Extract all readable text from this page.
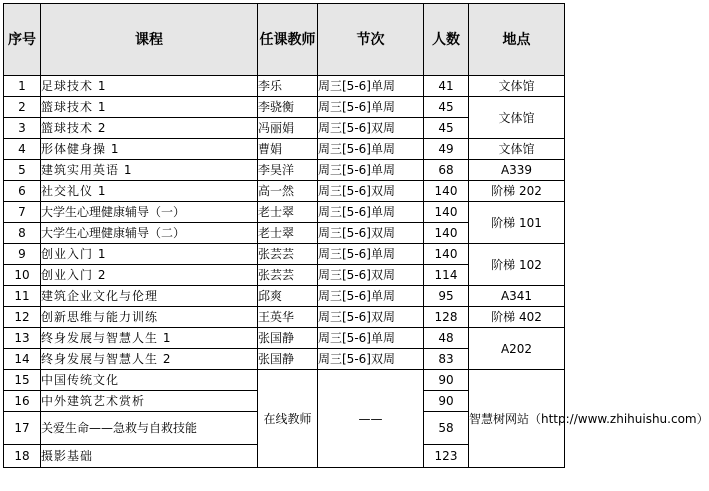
序号	课程	任课教师	节次	人数	地点
1	足球技术 1	李乐	周三[5-6]单周	41	文体馆
2	篮球技术 1	李骁衡	周三[5-6]单周	45	文体馆
3	篮球技术 2	冯丽娟	周三[5-6]双周	45	
4	形体健身操 1	曹娟	周三[5-6]单周	49	文体馆
5	建筑实用英语 1	李昊洋	周三[5-6]单周	68	A339
6	社交礼仪 1	高一然	周三[5-6]双周	140	阶梯 202
7	大学生心理健康辅导（一）	老士翠	周三[5-6]单周	140	阶梯 101
8	大学生心理健康辅导（二）	老士翠	周三[5-6]双周	140	
9	创业入门 1	张芸芸	周三[5-6]单周	140	阶梯 102
10	创业入门 2	张芸芸	周三[5-6]双周	114	
11	建筑企业文化与伦理	邱爽	周三[5-6]单周	95	A341
12	创新思维与能力训练	王英华	周三[5-6]双周	128	阶梯 402
13	终身发展与智慧人生 1	张国静	周三[5-6]单周	48	A202
14	终身发展与智慧人生 2	张国静	周三[5-6]双周	83	
15	中国传统文化	在线教师	——	90	智慧树网站（http://www.zhihuishu.com）
16	中外建筑艺术赏析			90	
17	关爱生命——急救与自救技能			58	
18	摄影基础			123	
